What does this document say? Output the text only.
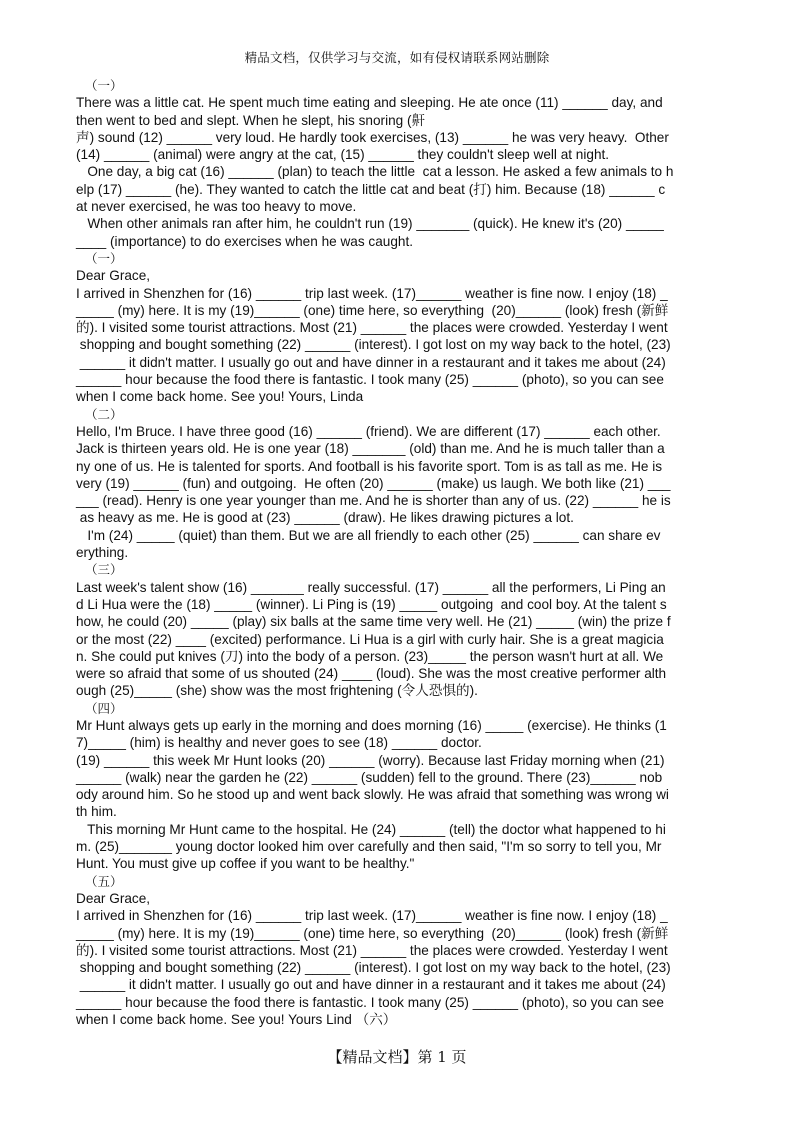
精品文档，仅供学习与交流，如有侵权请联系网站删除
（一）
There was a little cat. He spent much time eating and sleeping. He ate once (11) ______ day, and
then went to bed and slept. When he slept, his snoring (鼾
声) sound (12) ______ very loud. He hardly took exercises, (13) ______ he was very heavy.  Other
(14) ______ (animal) were angry at the cat, (15) ______ they couldn't sleep well at night.
One day, a big cat (16) ______ (plan) to teach the little  cat a lesson. He asked a few animals to h
elp (17) ______ (he). They wanted to catch the little cat and beat (打) him. Because (18) ______ c
at never exercised, he was too heavy to move.
When other animals ran after him, he couldn't run (19) _______ (quick). He knew it's (20) _____
____ (importance) to do exercises when he was caught.
（一）
Dear Grace,
I arrived in Shenzhen for (16) ______ trip last week. (17)______ weather is fine now. I enjoy (18) _
_____ (my) here. It is my (19)______ (one) time here, so everything  (20)______ (look) fresh (新鲜
的). I visited some tourist attractions. Most (21) ______ the places were crowded. Yesterday I went
shopping and bought something (22) ______ (interest). I got lost on my way back to the hotel, (23)
______ it didn't matter. I usually go out and have dinner in a restaurant and it takes me about (24)
______ hour because the food there is fantastic. I took many (25) ______ (photo), so you can see
when I come back home. See you! Yours, Linda
（二）
Hello, I'm Bruce. I have three good (16) ______ (friend). We are different (17) ______ each other.
Jack is thirteen years old. He is one year (18) _______ (old) than me. And he is much taller than a
ny one of us. He is talented for sports. And football is his favorite sport. Tom is as tall as me. He is
very (19) ______ (fun) and outgoing.  He often (20) ______ (make) us laugh. We both like (21) ___
___ (read). Henry is one year younger than me. And he is shorter than any of us. (22) ______ he is
as heavy as me. He is good at (23) ______ (draw). He likes drawing pictures a lot.
I'm (24) _____ (quiet) than them. But we are all friendly to each other (25) ______ can share ev
erything.
（三）
Last week's talent show (16) _______ really successful. (17) ______ all the performers, Li Ping an
d Li Hua were the (18) _____ (winner). Li Ping is (19) _____ outgoing  and cool boy. At the talent s
how, he could (20) _____ (play) six balls at the same time very well. He (21) _____ (win) the prize f
or the most (22) ____ (excited) performance. Li Hua is a girl with curly hair. She is a great magicia
n. She could put knives (刀) into the body of a person. (23)_____ the person wasn't hurt at all. We
were so afraid that some of us shouted (24) ____ (loud). She was the most creative performer alth
ough (25)_____ (she) show was the most frightening (令人恐惧的).
（四）
Mr Hunt always gets up early in the morning and does morning (16) _____ (exercise). He thinks (1
7)_____ (him) is healthy and never goes to see (18) ______ doctor.
(19) ______ this week Mr Hunt looks (20) ______ (worry). Because last Friday morning when (21)
______ (walk) near the garden he (22) ______ (sudden) fell to the ground. There (23)______ nob
ody around him. So he stood up and went back slowly. He was afraid that something was wrong wi
th him.
This morning Mr Hunt came to the hospital. He (24) ______ (tell) the doctor what happened to hi
m. (25)_______ young doctor looked him over carefully and then said, "I'm so sorry to tell you, Mr
Hunt. You must give up coffee if you want to be healthy."
（五）
Dear Grace,
I arrived in Shenzhen for (16) ______ trip last week. (17)______ weather is fine now. I enjoy (18) _
_____ (my) here. It is my (19)______ (one) time here, so everything  (20)______ (look) fresh (新鲜
的). I visited some tourist attractions. Most (21) ______ the places were crowded. Yesterday I went
shopping and bought something (22) ______ (interest). I got lost on my way back to the hotel, (23)
______ it didn't matter. I usually go out and have dinner in a restaurant and it takes me about (24)
______ hour because the food there is fantastic. I took many (25) ______ (photo), so you can see
when I come back home. See you! Yours Lind （六）
【精品文档】第 1 页
